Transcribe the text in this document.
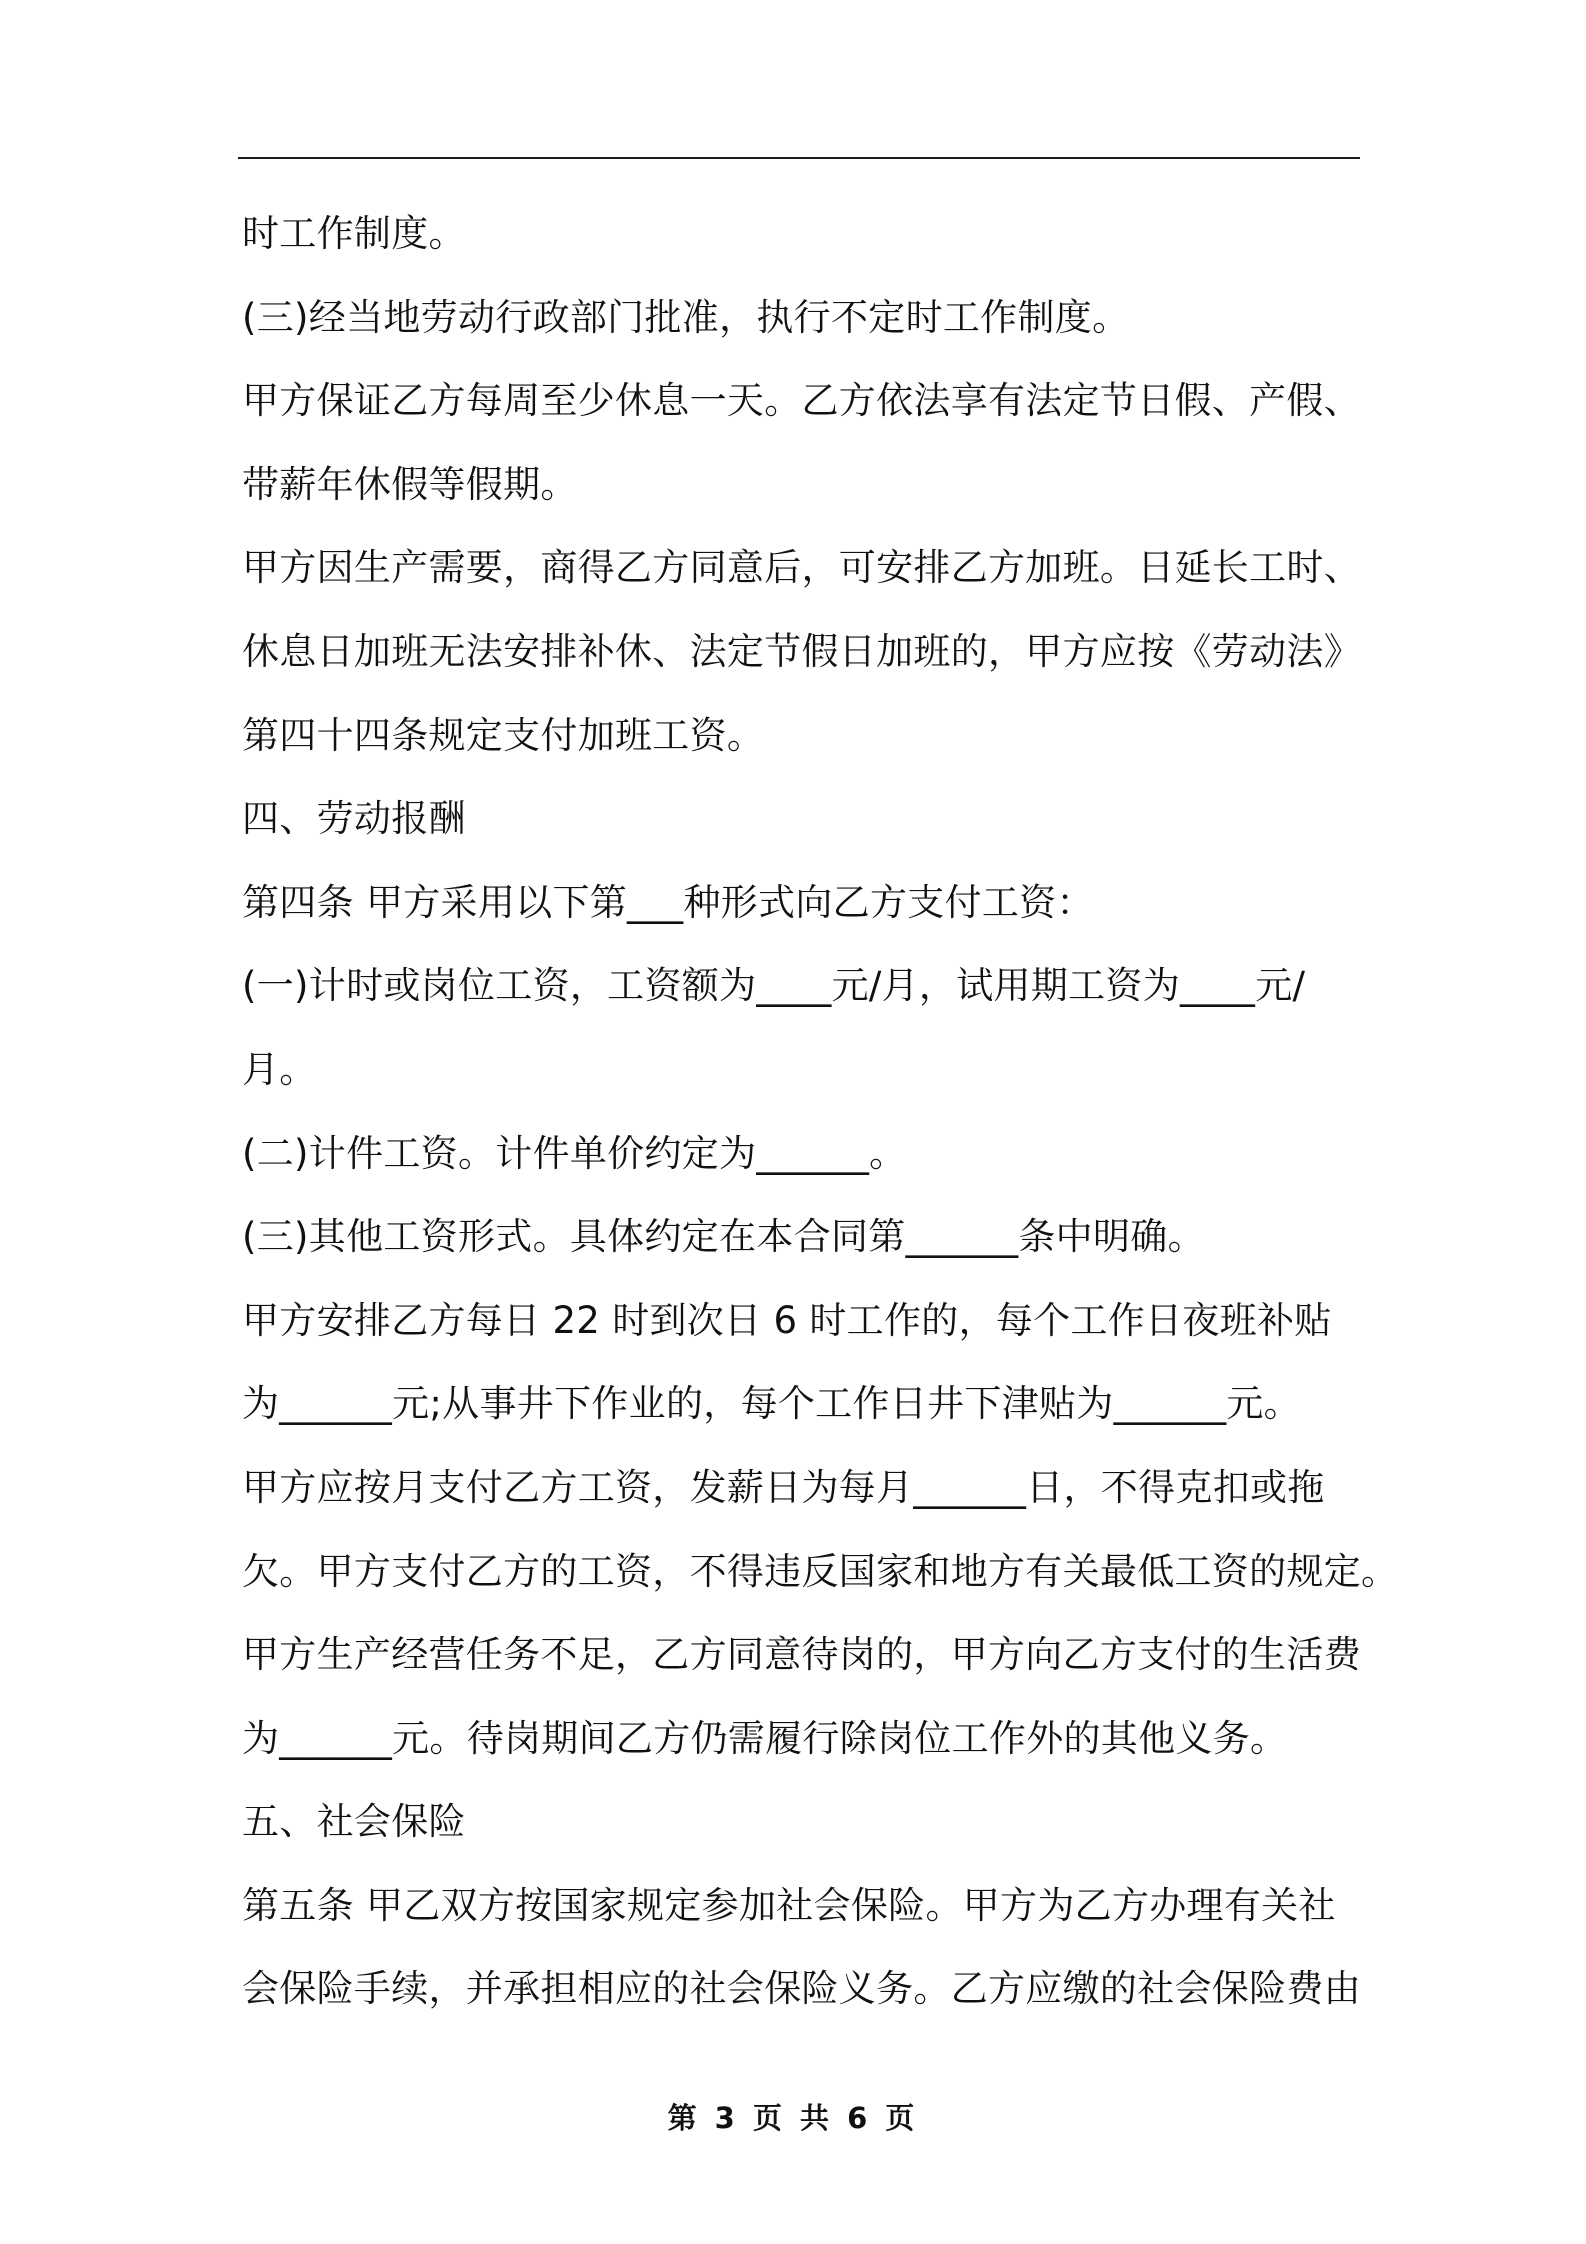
时工作制度。
(三)经当地劳动行政部门批准，执行不定时工作制度。
甲方保证乙方每周至少休息一天。乙方依法享有法定节日假、产假、
带薪年休假等假期。
甲方因生产需要，商得乙方同意后，可安排乙方加班。日延长工时、
休息日加班无法安排补休、法定节假日加班的，甲方应按《劳动法》
第四十四条规定支付加班工资。
四、劳动报酬
第四条 甲方采用以下第___种形式向乙方支付工资：
(一)计时或岗位工资，工资额为____元/月，试用期工资为____元/
月。
(二)计件工资。计件单价约定为______。
(三)其他工资形式。具体约定在本合同第______条中明确。
甲方安排乙方每日 22 时到次日 6 时工作的，每个工作日夜班补贴
为______元;从事井下作业的，每个工作日井下津贴为______元。
甲方应按月支付乙方工资，发薪日为每月______日，不得克扣或拖
欠。甲方支付乙方的工资，不得违反国家和地方有关最低工资的规定。
甲方生产经营任务不足，乙方同意待岗的，甲方向乙方支付的生活费
为______元。待岗期间乙方仍需履行除岗位工作外的其他义务。
五、社会保险
第五条 甲乙双方按国家规定参加社会保险。甲方为乙方办理有关社
会保险手续，并承担相应的社会保险义务。乙方应缴的社会保险费由
第 3 页 共 6 页
